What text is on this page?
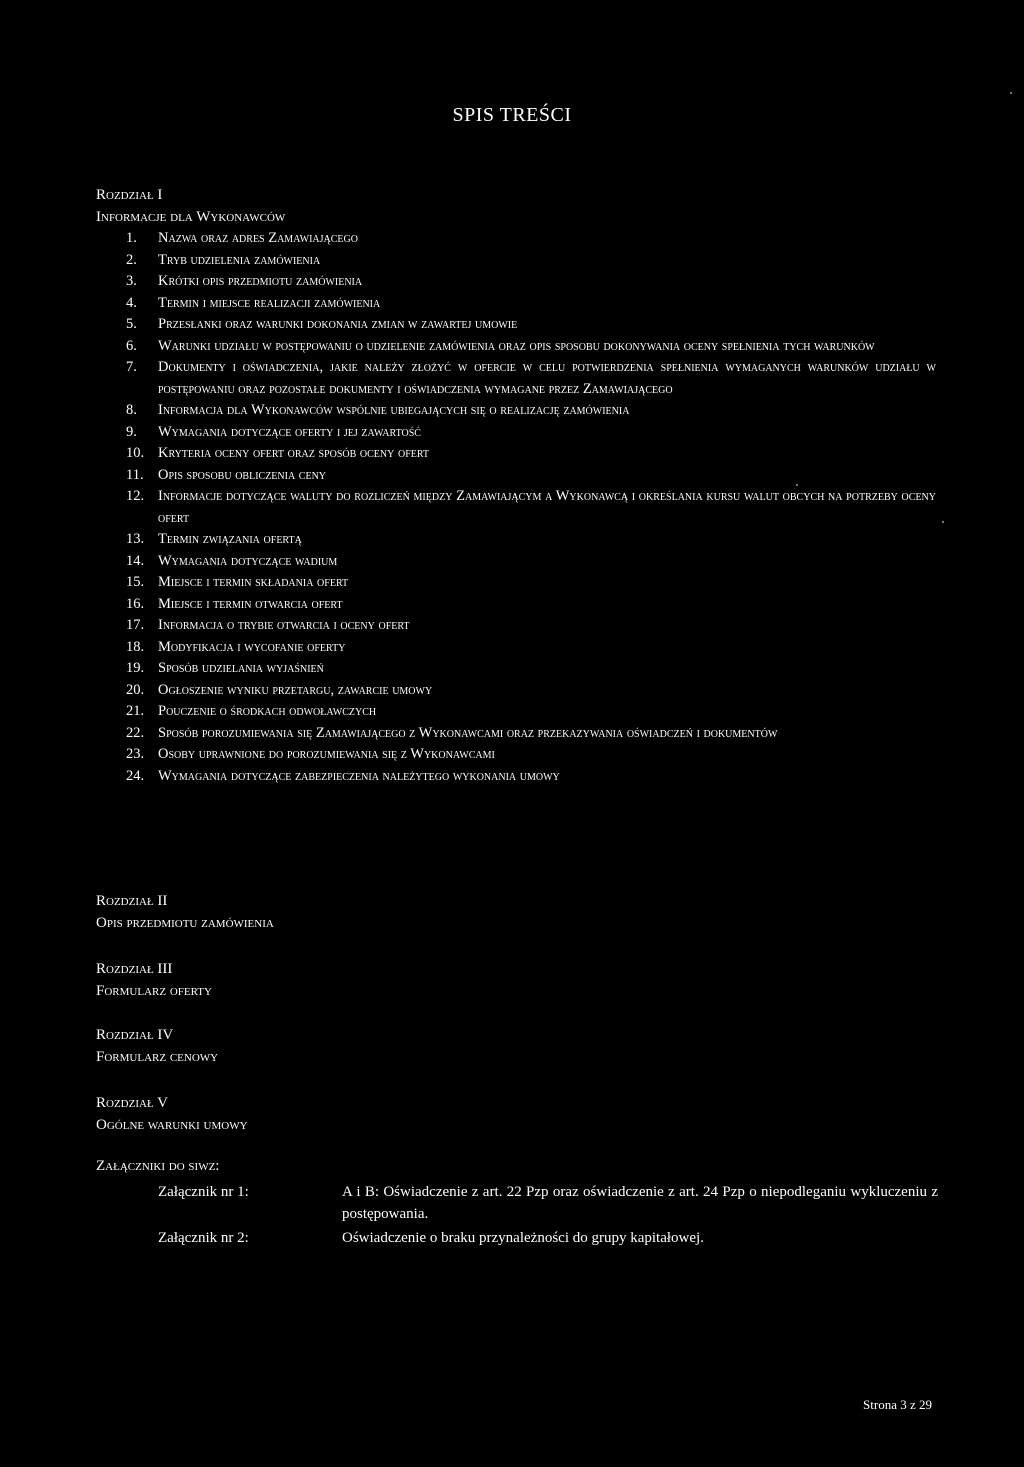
SPIS TREŚCI
Rozdział I
Informacje dla Wykonawców
1. Nazwa oraz adres Zamawiającego
2. Tryb udzielenia zamówienia
3. Krótki opis przedmiotu zamówienia
4. Termin i miejsce realizacji zamówienia
5. Przesłanki oraz warunki dokonania zmian w zawartej umowie
6. Warunki udziału w postępowaniu o udzielenie zamówienia oraz opis sposobu dokonywania oceny spełnienia tych warunków
7. Dokumenty i oświadczenia, jakie należy złożyć w ofercie w celu potwierdzenia spełnienia wymaganych warunków udziału w postępowaniu oraz pozostałe dokumenty i oświadczenia wymagane przez Zamawiającego
8. Informacja dla Wykonawców wspólnie ubiegających się o realizację zamówienia
9. Wymagania dotyczące oferty i jej zawartość
10. Kryteria oceny ofert oraz sposób oceny ofert
11. Opis sposobu obliczenia ceny
12. Informacje dotyczące waluty do rozliczeń między Zamawiającym a Wykonawcą i określania kursu walut obcych na potrzeby oceny ofert
13. Termin związania ofertą
14. Wymagania dotyczące wadium
15. Miejsce i termin składania ofert
16. Miejsce i termin otwarcia ofert
17. Informacja o trybie otwarcia i oceny ofert
18. Modyfikacja i wycofanie oferty
19. Sposób udzielania wyjaśnień
20. Ogłoszenie wyniku przetargu, zawarcie umowy
21. Pouczenie o środkach odwoławczych
22. Sposób porozumiewania się Zamawiającego z Wykonawcami oraz przekazywania oświadczeń i dokumentów
23. Osoby uprawnione do porozumiewania się z Wykonawcami
24. Wymagania dotyczące zabezpieczenia należytego wykonania umowy
Rozdział II
Opis przedmiotu zamówienia
Rozdział III
Formularz oferty
Rozdział IV
Formularz cenowy
Rozdział V
Ogólne warunki umowy
Załączniki do siwz:
Załącznik nr 1:	A i B: Oświadczenie z art. 22 Pzp oraz oświadczenie z art. 24 Pzp o niepodleganiu wykluczeniu z postępowania.
Załącznik nr 2:	Oświadczenie o braku przynależności do grupy kapitałowej.
Strona 3 z 29
